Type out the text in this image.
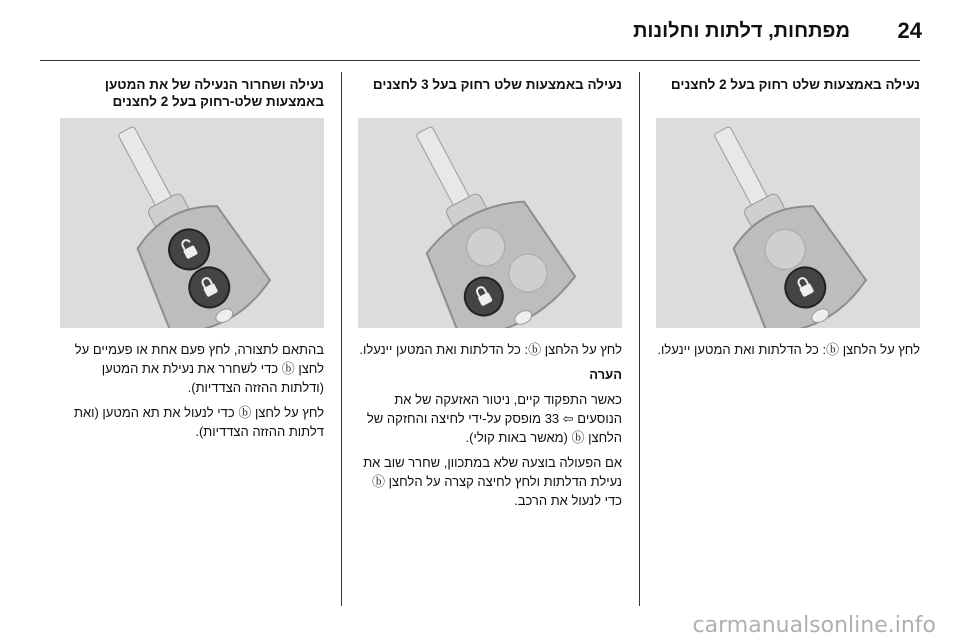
24
מפתחות, דלתות וחלונות
נעילה באמצעות שלט רחוק בעל 2 לחצנים

לחץ על הלחצן ⓑ: כל הדלתות ואת המטען יינעלו.

נעילה באמצעות שלט רחוק בעל 3 לחצנים

לחץ על הלחצן ⓑ: כל הדלתות ואת המטען יינעלו.

הערה

כאשר התפקוד קיים, ניטור האזעקה של את הנוסעים ⇦ 33 מופסק על-ידי לחיצה והחזקה של הלחצן ⓑ (מאשר באות קולי).

אם הפעולה בוצעה שלא במתכוון, שחרר שוב את נעילת הדלתות ולחץ לחיצה קצרה על הלחצן ⓑ כדי לנעול את הרכב.

נעילה ושחרור הנעילה של את המטען באמצעות שלט-רחוק בעל 2 לחצנים

בהתאם לתצורה, לחץ פעם אחת או פעמיים על לחצן ⓑ כדי לשחרר את נעילת את המטען (ודלתות ההזזה הצדדיות).

לחץ על לחצן ⓑ כדי לנעול את תא המטען (ואת דלתות ההזזה הצדדיות).

carmanualsonline.info
